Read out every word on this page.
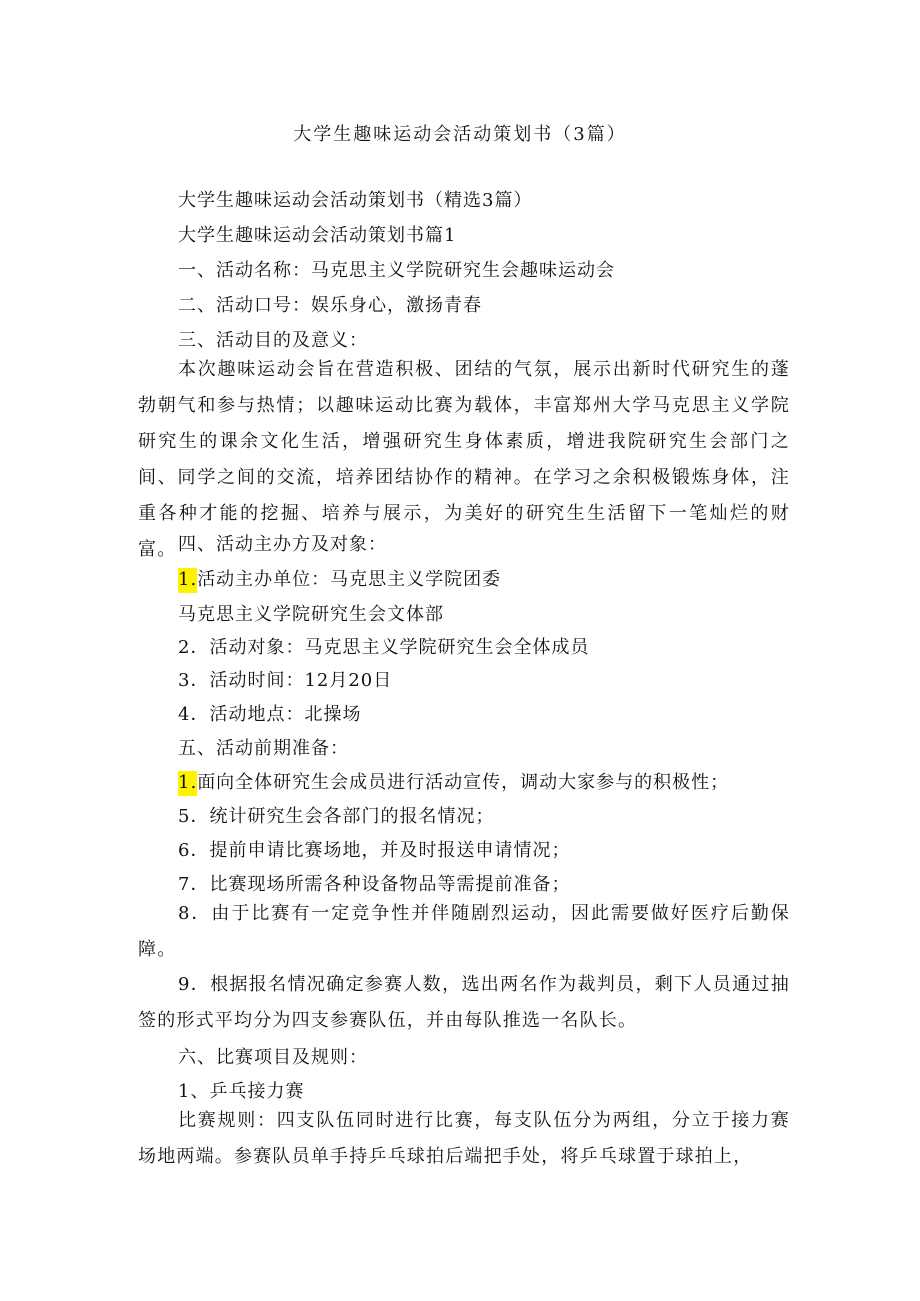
大学生趣味运动会活动策划书（3篇）
大学生趣味运动会活动策划书（精选3篇）
大学生趣味运动会活动策划书篇1
一、活动名称：马克思主义学院研究生会趣味运动会
二、活动口号：娱乐身心，激扬青春
三、活动目的及意义：
本次趣味运动会旨在营造积极、团结的气氛，展示出新时代研究生的蓬勃朝气和参与热情；以趣味运动比赛为载体，丰富郑州大学马克思主义学院研究生的课余文化生活，增强研究生身体素质，增进我院研究生会部门之间、同学之间的交流，培养团结协作的精神。在学习之余积极锻炼身体，注重各种才能的挖掘、培养与展示，为美好的研究生生活留下一笔灿烂的财富。 四、活动主办方及对象：
1.活动主办单位：马克思主义学院团委
马克思主义学院研究生会文体部
2．活动对象：马克思主义学院研究生会全体成员
3．活动时间：12月20日
4．活动地点：北操场
五、活动前期准备：
1.面向全体研究生会成员进行活动宣传，调动大家参与的积极性；
5．统计研究生会各部门的报名情况；
6．提前申请比赛场地，并及时报送申请情况；
7．比赛现场所需各种设备物品等需提前准备；
8．由于比赛有一定竞争性并伴随剧烈运动，因此需要做好医疗后勤保障。
9．根据报名情况确定参赛人数，选出两名作为裁判员，剩下人员通过抽签的形式平均分为四支参赛队伍，并由每队推选一名队长。
六、比赛项目及规则：
1、乒乓接力赛
比赛规则：四支队伍同时进行比赛，每支队伍分为两组，分立于接力赛场地两端。参赛队员单手持乒乓球拍后端把手处，将乒乓球置于球拍上，
